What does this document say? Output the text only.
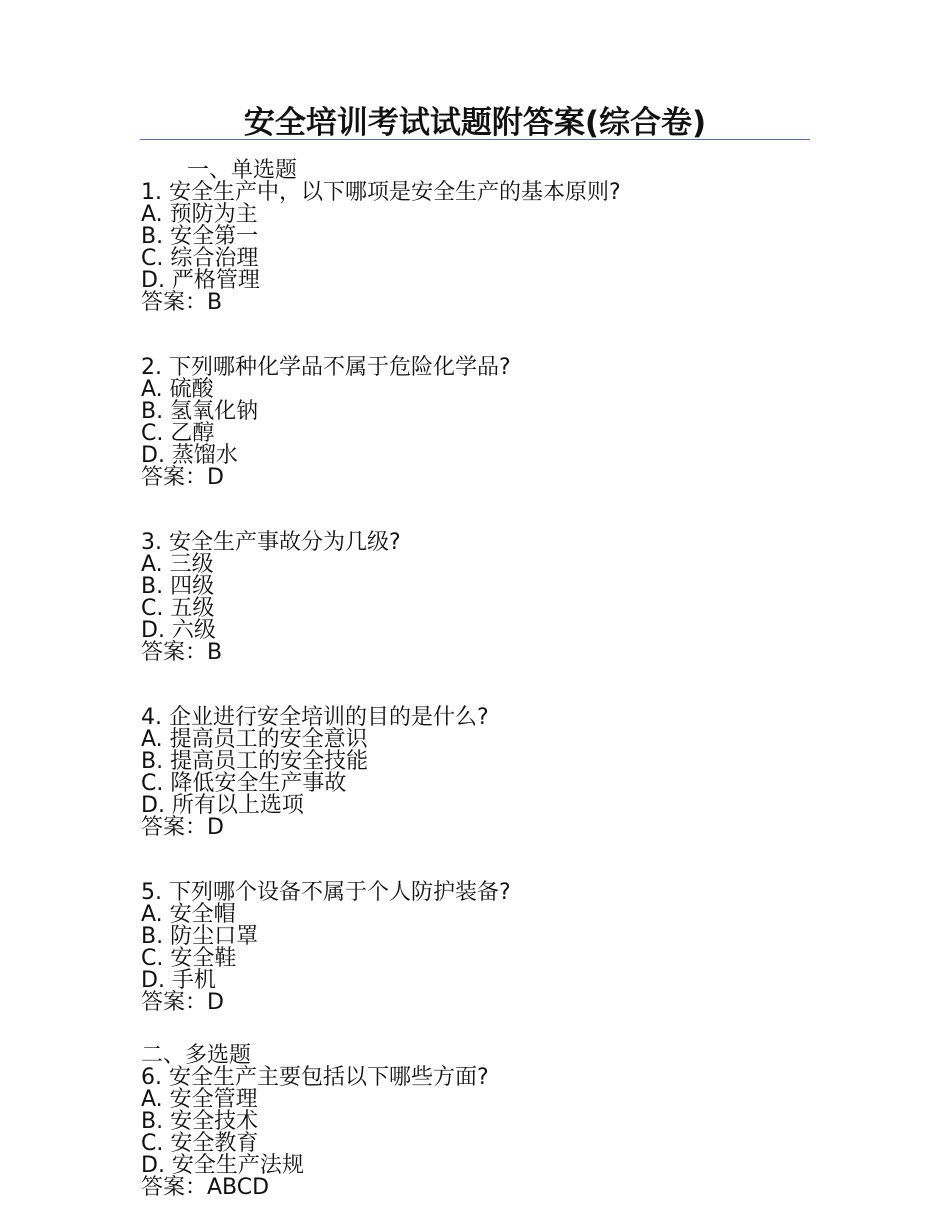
安全培训考试试题附答案(综合卷)
一、单选题
1. 安全生产中，以下哪项是安全生产的基本原则?
A. 预防为主
B. 安全第一
C. 综合治理
D. 严格管理
答案：B
2. 下列哪种化学品不属于危险化学品?
A. 硫酸
B. 氢氧化钠
C. 乙醇
D. 蒸馏水
答案：D
3. 安全生产事故分为几级?
A. 三级
B. 四级
C. 五级
D. 六级
答案：B
4. 企业进行安全培训的目的是什么?
A. 提高员工的安全意识
B. 提高员工的安全技能
C. 降低安全生产事故
D. 所有以上选项
答案：D
5. 下列哪个设备不属于个人防护装备?
A. 安全帽
B. 防尘口罩
C. 安全鞋
D. 手机
答案：D
二、多选题
6. 安全生产主要包括以下哪些方面?
A. 安全管理
B. 安全技术
C. 安全教育
D. 安全生产法规
答案：ABCD
